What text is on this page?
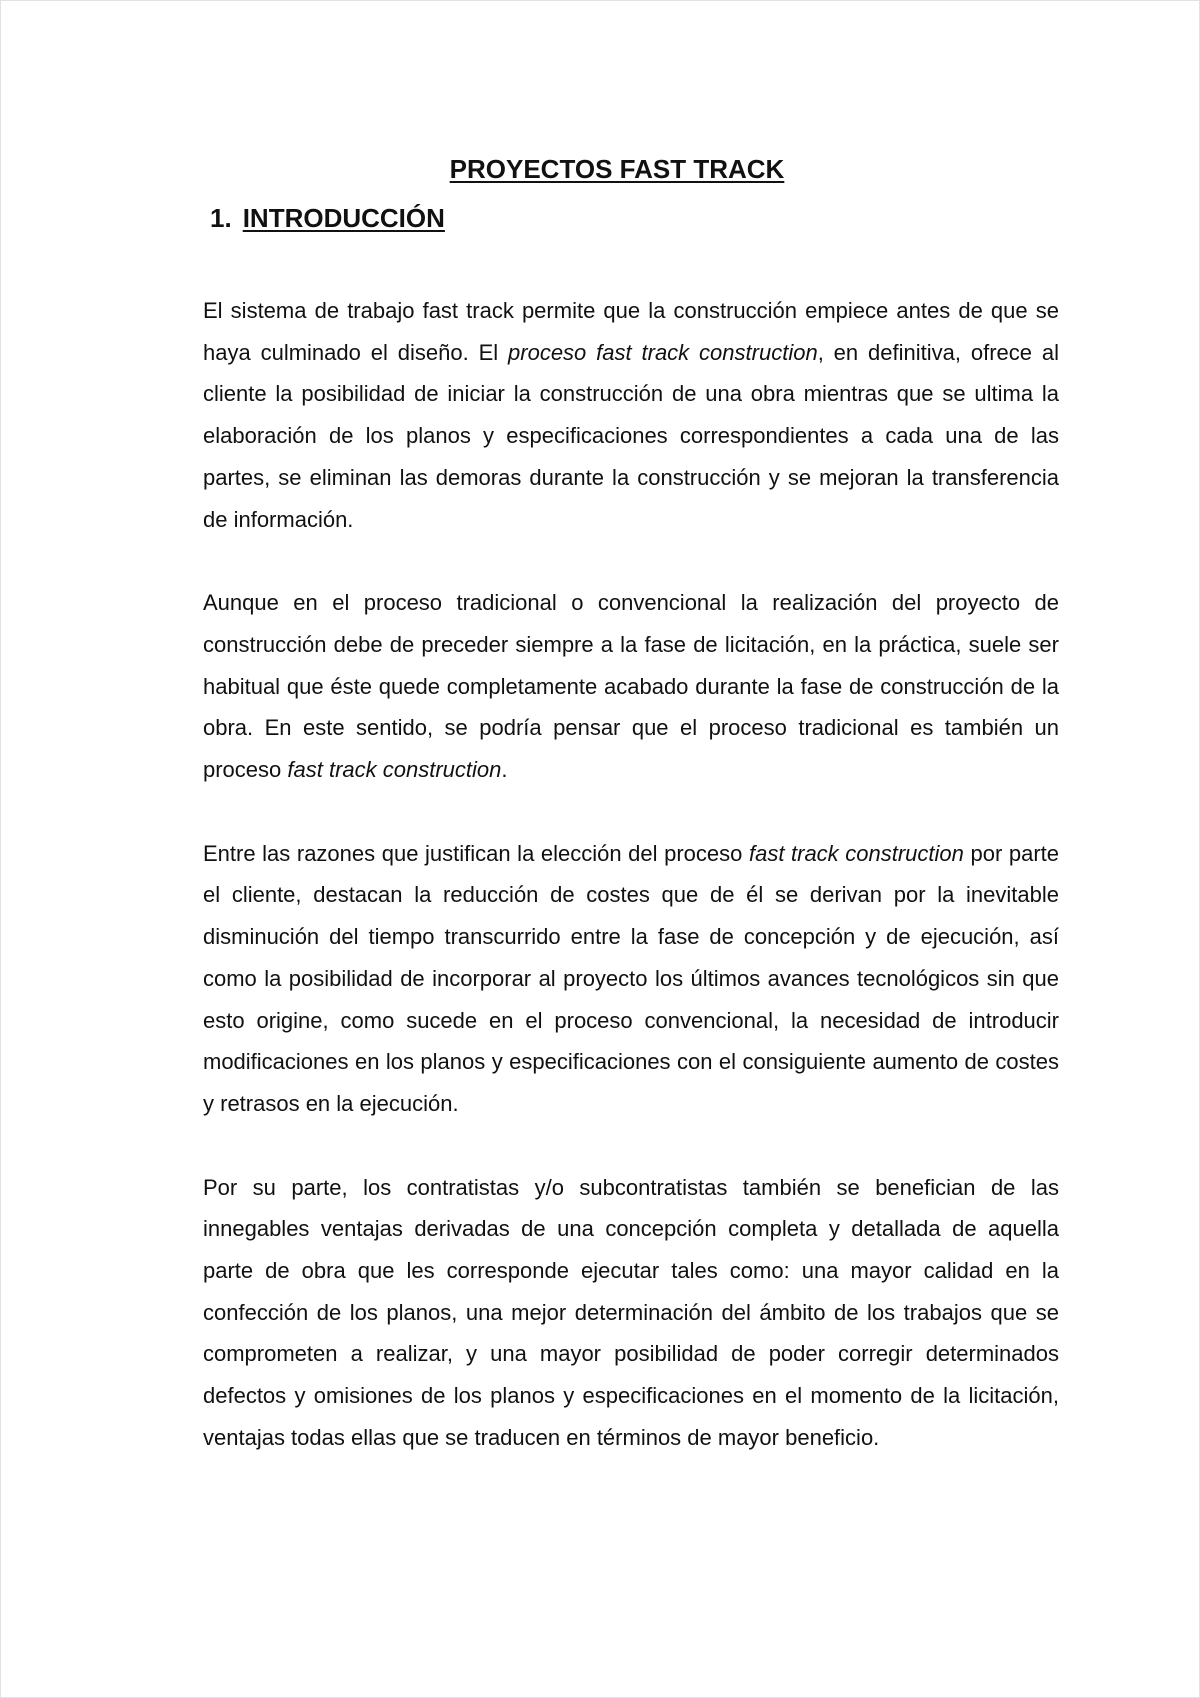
PROYECTOS FAST TRACK
1. INTRODUCCIÓN

El sistema de trabajo fast track permite que la construcción empiece antes de que se haya culminado el diseño. El proceso fast track construction, en definitiva, ofrece al cliente la posibilidad de iniciar la construcción de una obra mientras que se ultima la elaboración de los planos y especificaciones correspondientes a cada una de las partes, se eliminan las demoras durante la construcción y se mejoran la transferencia de información.

Aunque en el proceso tradicional o convencional la realización del proyecto de construcción debe de preceder siempre a la fase de licitación, en la práctica, suele ser habitual que éste quede completamente acabado durante la fase de construcción de la obra. En este sentido, se podría pensar que el proceso tradicional es también un proceso fast track construction.

Entre las razones que justifican la elección del proceso fast track construction por parte el cliente, destacan la reducción de costes que de él se derivan por la inevitable disminución del tiempo transcurrido entre la fase de concepción y de ejecución, así como la posibilidad de incorporar al proyecto los últimos avances tecnológicos sin que esto origine, como sucede en el proceso convencional, la necesidad de introducir modificaciones en los planos y especificaciones con el consiguiente aumento de costes y retrasos en la ejecución.

Por su parte, los contratistas y/o subcontratistas también se benefician de las innegables ventajas derivadas de una concepción completa y detallada de aquella parte de obra que les corresponde ejecutar tales como: una mayor calidad en la confección de los planos, una mejor determinación del ámbito de los trabajos que se comprometen a realizar, y una mayor posibilidad de poder corregir determinados defectos y omisiones de los planos y especificaciones en el momento de la licitación, ventajas todas ellas que se traducen en términos de mayor beneficio.
